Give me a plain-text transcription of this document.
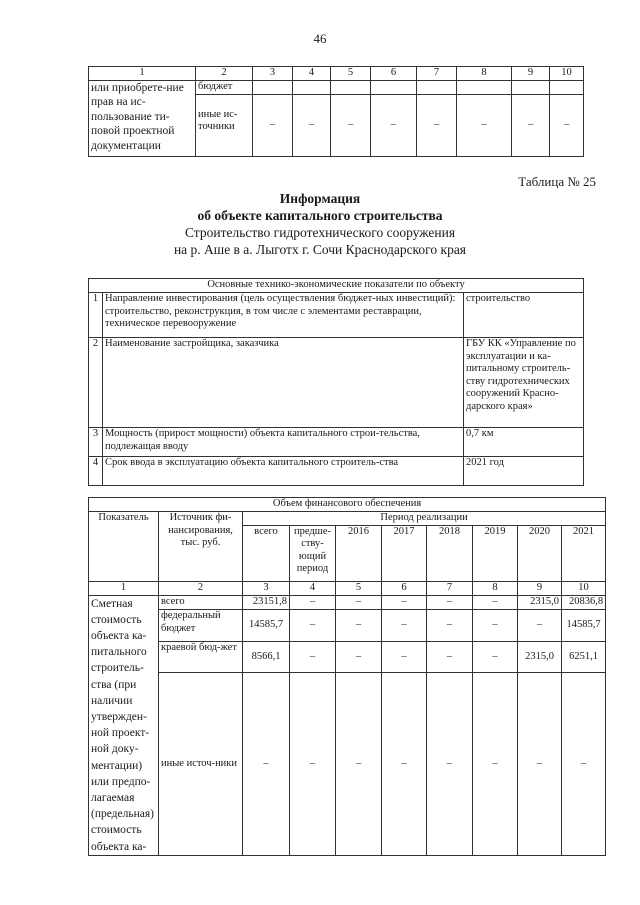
46
1	2	3	4	5	6	7	8	9	10
или приобрете-ние прав на ис-пользование ти-повой проектной документации	бюджет								
	иные ис-точники	–	–	–	–	–	–	–	–
Таблица № 25
Информация
об объекте капитального строительства
Строительство гидротехнического сооружения
на р. Аше в а. Лыготх г. Сочи Краснодарского края
Основные технико-экономические показатели по объекту		
1	Направление инвестирования (цель осуществления бюджет-ных инвестиций): строительство, реконструкция, в том числе с элементами реставрации, техническое перевооружение	строительство
2	Наименование застройщика, заказчика	ГБУ КК «Управление по эксплуатации и ка-питальному строитель-ству гидротехнических сооружений Красно-дарского края»
3	Мощность (прирост мощности) объекта капитального строи-тельства, подлежащая вводу	0,7 км
4	Срок ввода в эксплуатацию объекта капитального строитель-ства	2021 год
Объем финансового обеспечения									
Показатель	Источник фи-нансирования, тыс. руб.	Период реализации							
		всего	предше-ству-ющий период	2016	2017	2018	2019	2020	2021
1	2	3	4	5	6	7	8	9	10
Сметная стоимость объекта ка-питального строитель-ства (при наличии утвержден-ной проект-ной доку-ментации) или предпо-лагаемая (предельная) стоимость объекта ка-	всего	23151,8	–	–	–	–	–	2315,0	20836,8
	федеральный бюджет	14585,7	–	–	–	–	–	–	14585,7
	краевой бюд-жет	8566,1	–	–	–	–	–	2315,0	6251,1
	иные источ-ники	–	–	–	–	–	–	–	–
